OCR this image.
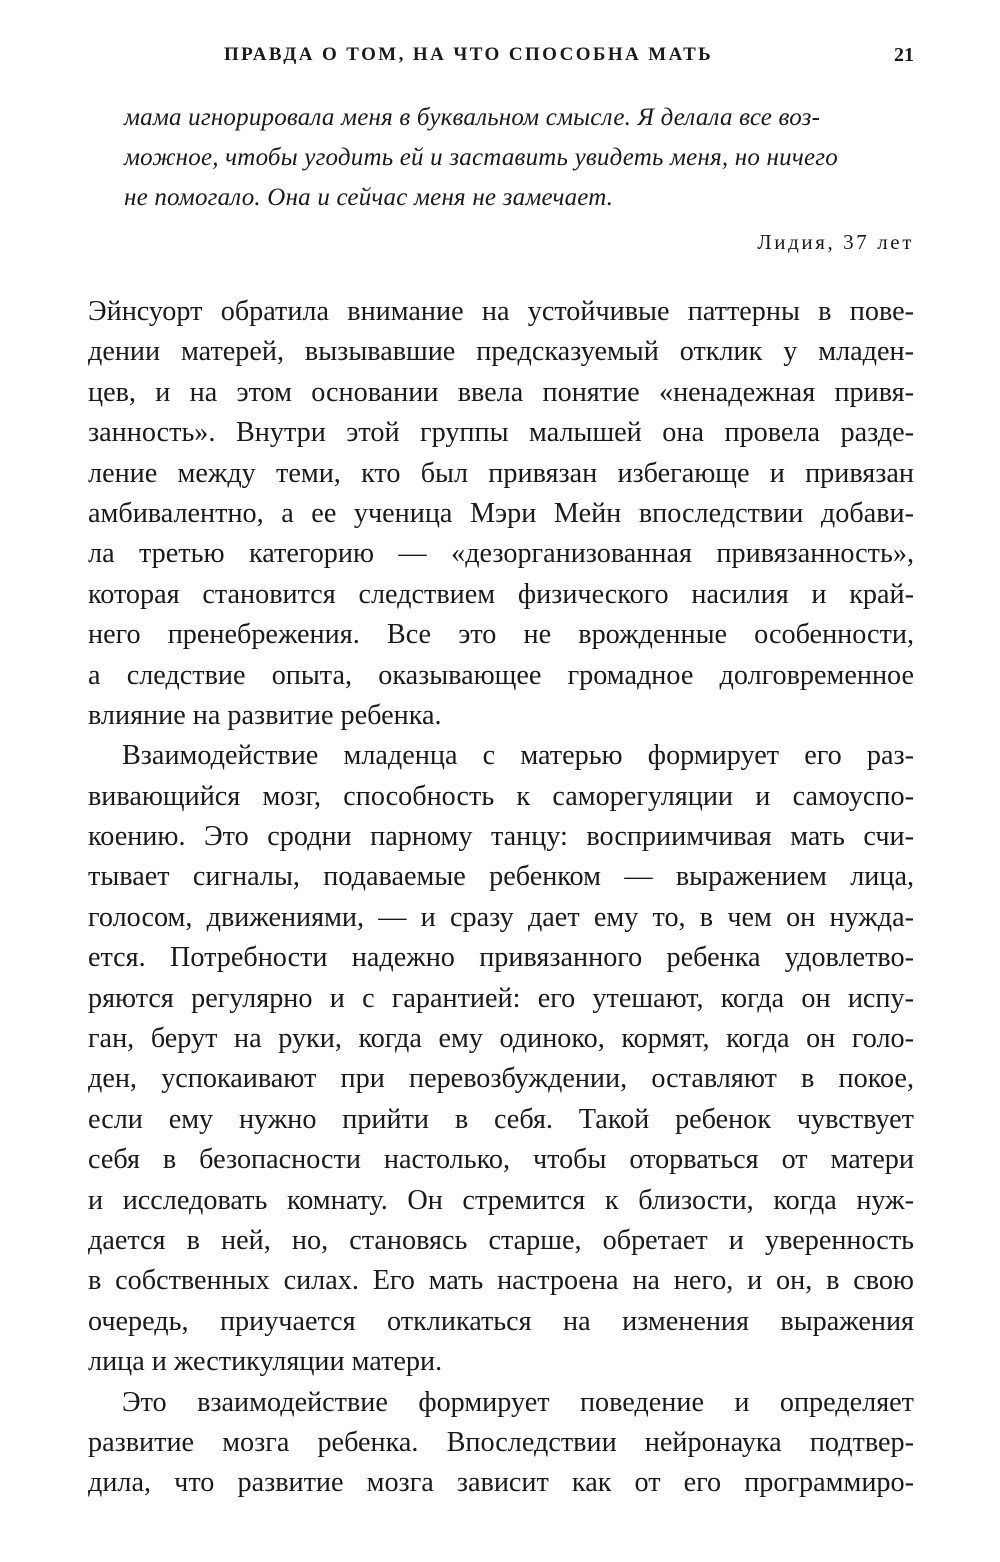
ПРАВДА О ТОМ, НА ЧТО СПОСОБНА МАТЬ	21

мама игнорировала меня в буквальном смысле. Я делала все воз-
можное, чтобы угодить ей и заставить увидеть меня, но ничего
не помогало. Она и сейчас меня не замечает.

Лидия, 37 лет

Эйнсуорт обратила внимание на устойчивые паттерны в пове-
дении матерей, вызывавшие предсказуемый отклик у младен-
цев, и на этом основании ввела понятие «ненадежная привя-
занность». Внутри этой группы малышей она провела разде-
ление между теми, кто был привязан избегающе и привязан
амбивалентно, а ее ученица Мэри Мейн впоследствии добави-
ла третью категорию — «дезорганизованная привязанность»,
которая становится следствием физического насилия и край-
него пренебрежения. Все это не врожденные особенности,
а следствие опыта, оказывающее громадное долговременное
влияние на развитие ребенка.

Взаимодействие младенца с матерью формирует его раз-
вивающийся мозг, способность к саморегуляции и самоуспо-
коению. Это сродни парному танцу: восприимчивая мать счи-
тывает сигналы, подаваемые ребенком — выражением лица,
голосом, движениями, — и сразу дает ему то, в чем он нужда-
ется. Потребности надежно привязанного ребенка удовлетво-
ряются регулярно и с гарантией: его утешают, когда он испу-
ган, берут на руки, когда ему одиноко, кормят, когда он голо-
ден, успокаивают при перевозбуждении, оставляют в покое,
если ему нужно прийти в себя. Такой ребенок чувствует
себя в безопасности настолько, чтобы оторваться от матери
и исследовать комнату. Он стремится к близости, когда нуж-
дается в ней, но, становясь старше, обретает и уверенность
в собственных силах. Его мать настроена на него, и он, в свою
очередь, приучается откликаться на изменения выражения
лица и жестикуляции матери.

Это взаимодействие формирует поведение и определяет
развитие мозга ребенка. Впоследствии нейронаука подтвер-
дила, что развитие мозга зависит как от его программиро-
